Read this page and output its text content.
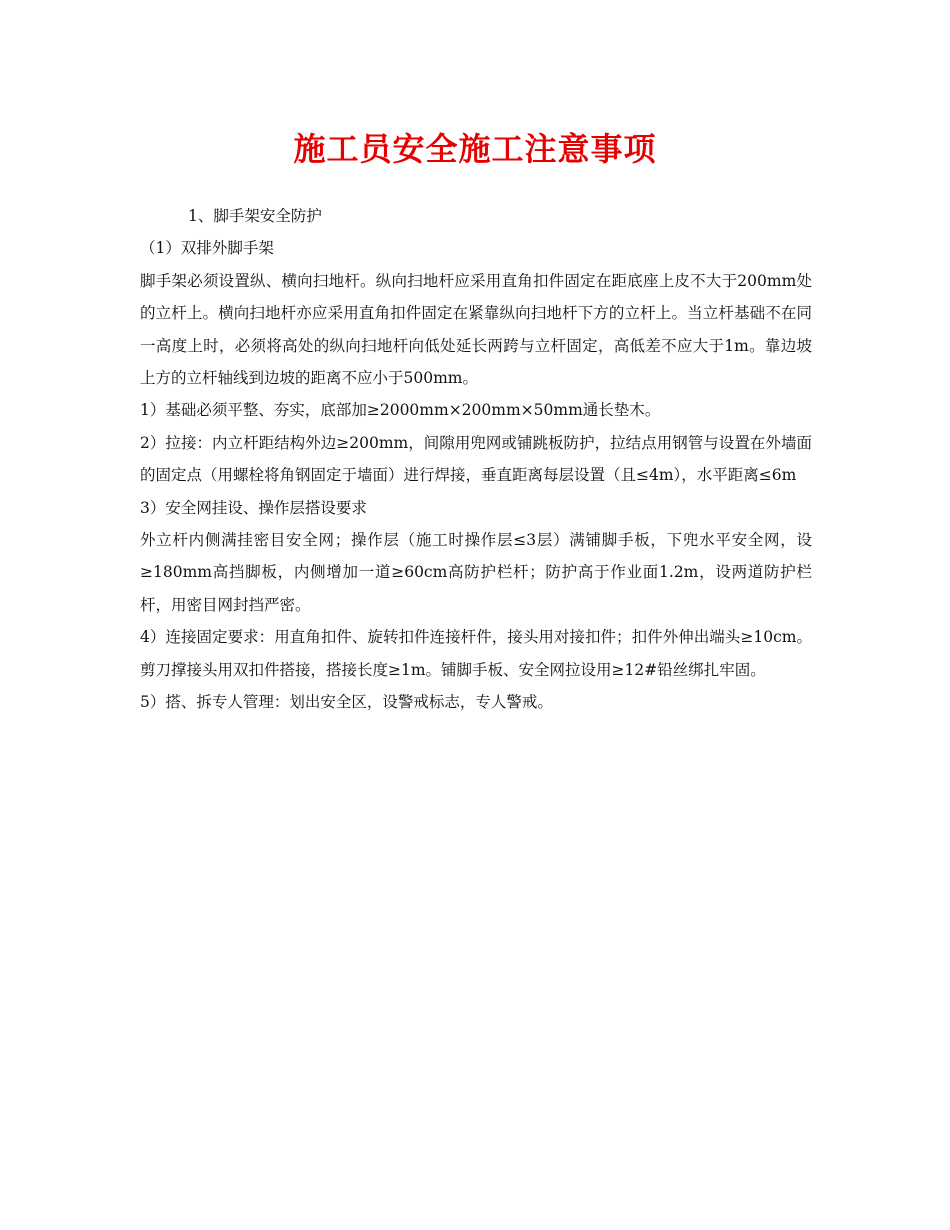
施工员安全施工注意事项

1、脚手架安全防护

（1）双排外脚手架

脚手架必须设置纵、横向扫地杆。纵向扫地杆应采用直角扣件固定在距底座上皮不大于200mm处的立杆上。横向扫地杆亦应采用直角扣件固定在紧靠纵向扫地杆下方的立杆上。当立杆基础不在同一高度上时，必须将高处的纵向扫地杆向低处延长两跨与立杆固定，高低差不应大于1m。靠边坡上方的立杆轴线到边坡的距离不应小于500mm。

1）基础必须平整、夯实，底部加≥2000mm×200mm×50mm通长垫木。

2）拉接：内立杆距结构外边≥200mm，间隙用兜网或铺跳板防护，拉结点用钢管与设置在外墙面的固定点（用螺栓将角钢固定于墙面）进行焊接，垂直距离每层设置（且≤4m），水平距离≤6m

3）安全网挂设、操作层搭设要求

外立杆内侧满挂密目安全网；操作层（施工时操作层≤3层）满铺脚手板，下兜水平安全网，设≥180mm高挡脚板，内侧增加一道≥60cm高防护栏杆；防护高于作业面1.2m，设两道防护栏杆，用密目网封挡严密。

4）连接固定要求：用直角扣件、旋转扣件连接杆件，接头用对接扣件；扣件外伸出端头≥10cm。剪刀撑接头用双扣件搭接，搭接长度≥1m。铺脚手板、安全网拉设用≥12#铅丝绑扎牢固。

5）搭、拆专人管理：划出安全区，设警戒标志，专人警戒。
